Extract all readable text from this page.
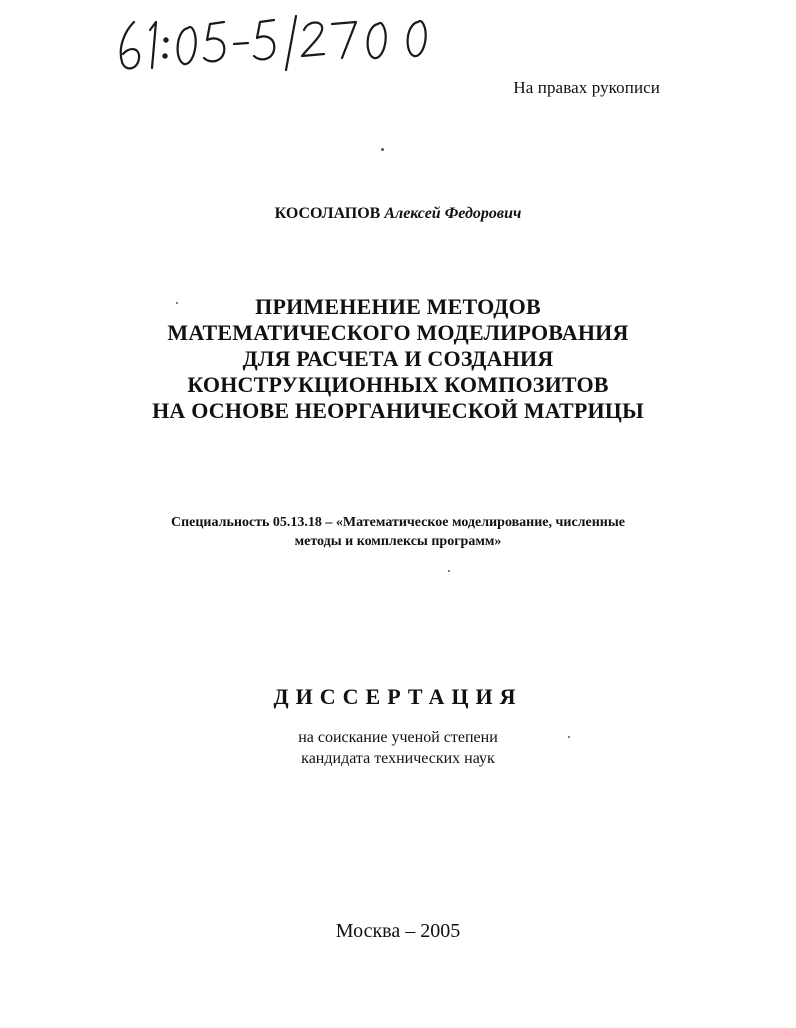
На правах рукописи
КОСОЛАПОВ Алексей Федорович
ПРИМЕНЕНИЕ МЕТОДОВ
МАТЕМАТИЧЕСКОГО МОДЕЛИРОВАНИЯ
ДЛЯ РАСЧЕТА И СОЗДАНИЯ
КОНСТРУКЦИОННЫХ КОМПОЗИТОВ
НА ОСНОВЕ НЕОРГАНИЧЕСКОЙ МАТРИЦЫ
Специальность 05.13.18 – «Математическое моделирование, численные
методы и комплексы программ»
ДИССЕРТАЦИЯ
на соискание ученой степени
кандидата технических наук
Москва – 2005
